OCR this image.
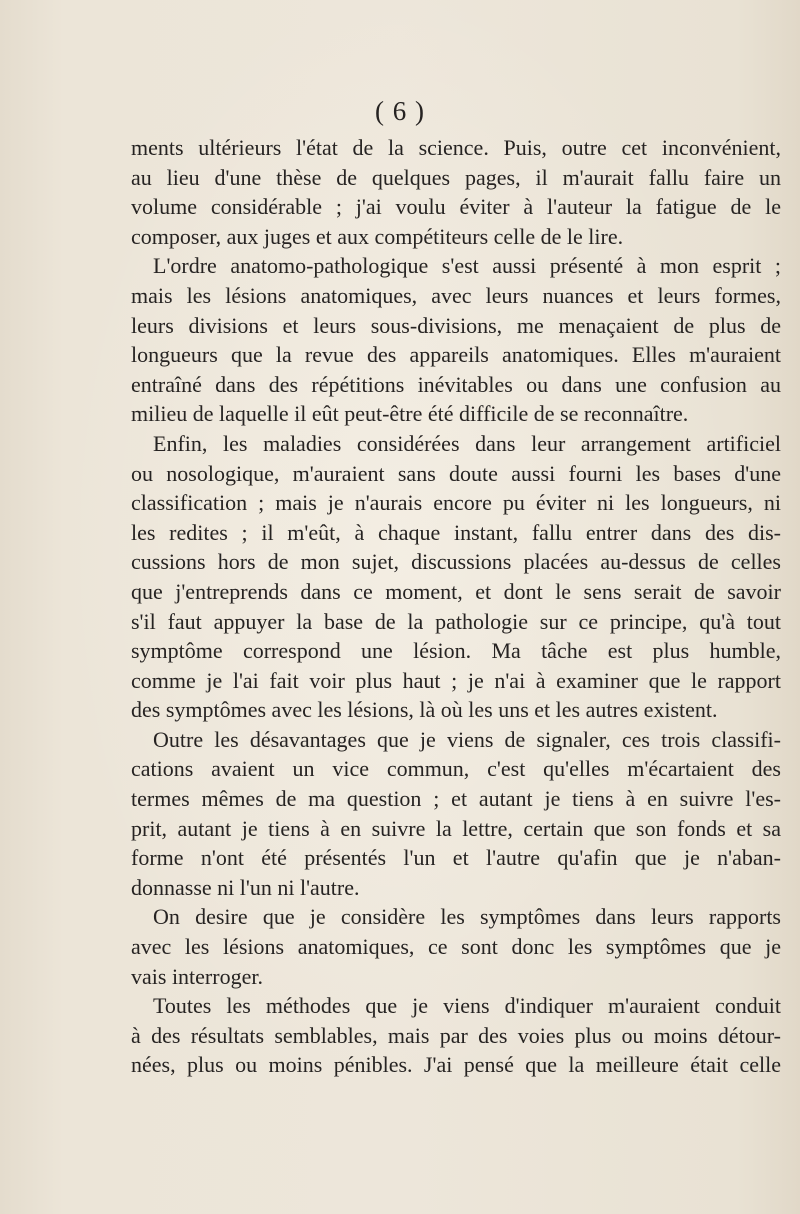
( 6 )
ments ultérieurs l'état de la science. Puis, outre cet inconvénient,
au lieu d'une thèse de quelques pages, il m'aurait fallu faire un
volume considérable ; j'ai voulu éviter à l'auteur la fatigue de le
composer, aux juges et aux compétiteurs celle de le lire.
L'ordre anatomo-pathologique s'est aussi présenté à mon esprit ;
mais les lésions anatomiques, avec leurs nuances et leurs formes,
leurs divisions et leurs sous-divisions, me menaçaient de plus de
longueurs que la revue des appareils anatomiques. Elles m'auraient
entraîné dans des répétitions inévitables ou dans une confusion au
milieu de laquelle il eût peut-être été difficile de se reconnaître.
Enfin, les maladies considérées dans leur arrangement artificiel
ou nosologique, m'auraient sans doute aussi fourni les bases d'une
classification ; mais je n'aurais encore pu éviter ni les longueurs, ni
les redites ; il m'eût, à chaque instant, fallu entrer dans des dis-
cussions hors de mon sujet, discussions placées au-dessus de celles
que j'entreprends dans ce moment, et dont le sens serait de savoir
s'il faut appuyer la base de la pathologie sur ce principe, qu'à tout
symptôme correspond une lésion. Ma tâche est plus humble,
comme je l'ai fait voir plus haut ; je n'ai à examiner que le rapport
des symptômes avec les lésions, là où les uns et les autres existent.
Outre les désavantages que je viens de signaler, ces trois classifi-
cations avaient un vice commun, c'est qu'elles m'écartaient des
termes mêmes de ma question ; et autant je tiens à en suivre l'es-
prit, autant je tiens à en suivre la lettre, certain que son fonds et sa
forme n'ont été présentés l'un et l'autre qu'afin que je n'aban-
donnasse ni l'un ni l'autre.
On desire que je considère les symptômes dans leurs rapports
avec les lésions anatomiques, ce sont donc les symptômes que je
vais interroger.
Toutes les méthodes que je viens d'indiquer m'auraient conduit
à des résultats semblables, mais par des voies plus ou moins détour-
nées, plus ou moins pénibles. J'ai pensé que la meilleure était celle
